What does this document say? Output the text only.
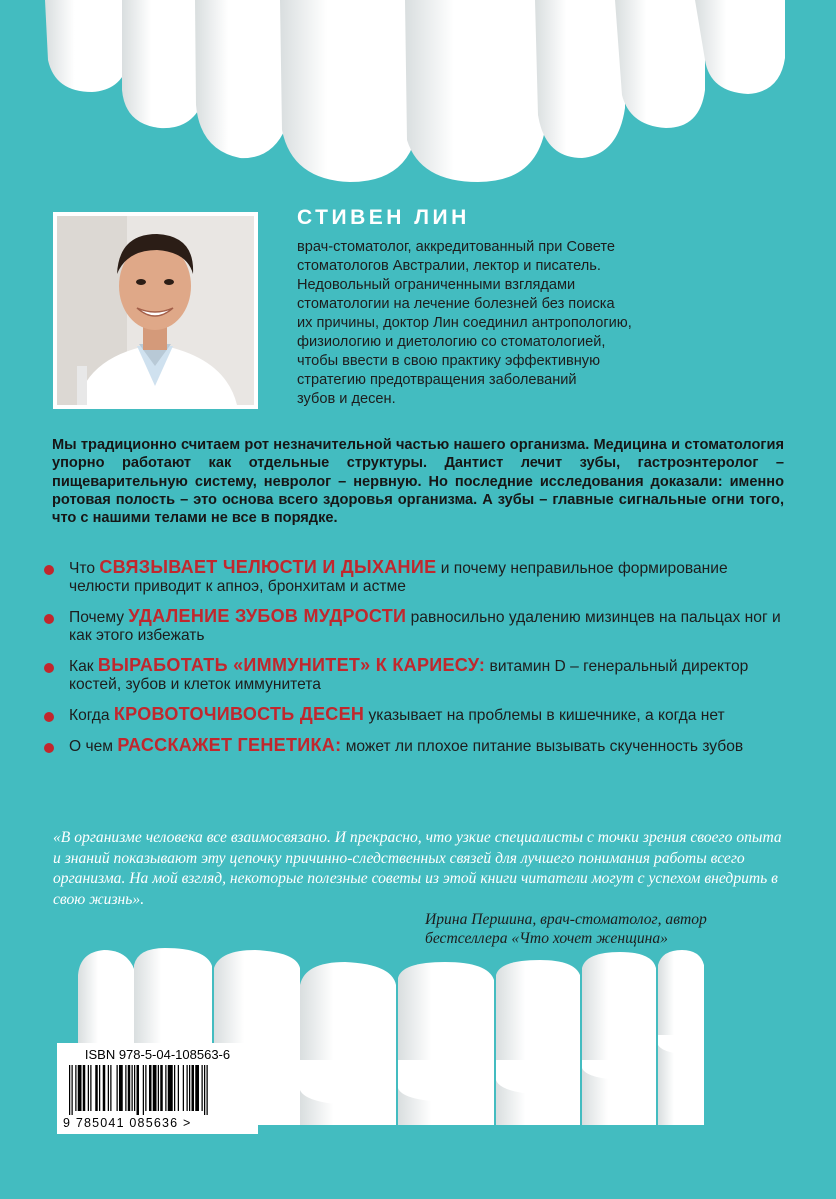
СТИВЕН ЛИН
врач-стоматолог, аккредитованный при Совете
стоматологов Австралии, лектор и писатель.
Недовольный ограниченными взглядами
стоматологии на лечение болезней без поиска
их причины, доктор Лин соединил антропологию,
физиологию и диетологию со стоматологией,
чтобы ввести в свою практику эффективную
стратегию предотвращения заболеваний
зубов и десен.
Мы традиционно считаем рот незначительной частью нашего организма. Медицина и стоматология упорно работают как отдельные структуры. Дантист лечит зубы, гастроэнтеролог – пищеварительную систему, невролог – нервную. Но последние исследования доказали: именно ротовая полость – это основа всего здоровья организма. А зубы – главные сигнальные огни того, что с нашими телами не все в порядке.
Что СВЯЗЫВАЕТ ЧЕЛЮСТИ И ДЫХАНИЕ и почему неправильное формирование челюсти приводит к апноэ, бронхитам и астме
Почему УДАЛЕНИЕ ЗУБОВ МУДРОСТИ равносильно удалению мизинцев на пальцах ног и как этого избежать
Как ВЫРАБОТАТЬ «ИММУНИТЕТ» К КАРИЕСУ: витамин D – генеральный директор костей, зубов и клеток иммунитета
Когда КРОВОТОЧИВОСТЬ ДЕСЕН указывает на проблемы в кишечнике, а когда нет
О чем РАССКАЖЕТ ГЕНЕТИКА: может ли плохое питание вызывать скученность зубов
«В организме человека все взаимосвязано. И прекрасно, что узкие специалисты с точки зрения своего опыта и знаний показывают эту цепочку причинно-следственных связей для лучшего понимания работы всего организма. На мой взгляд, некоторые полезные советы из этой книги читатели могут с успехом внедрить в свою жизнь».
Ирина Першина, врач-стоматолог, автор
бестселлера «Что хочет женщина»
ISBN 978-5-04-108563-6
9 785041 085636 >
